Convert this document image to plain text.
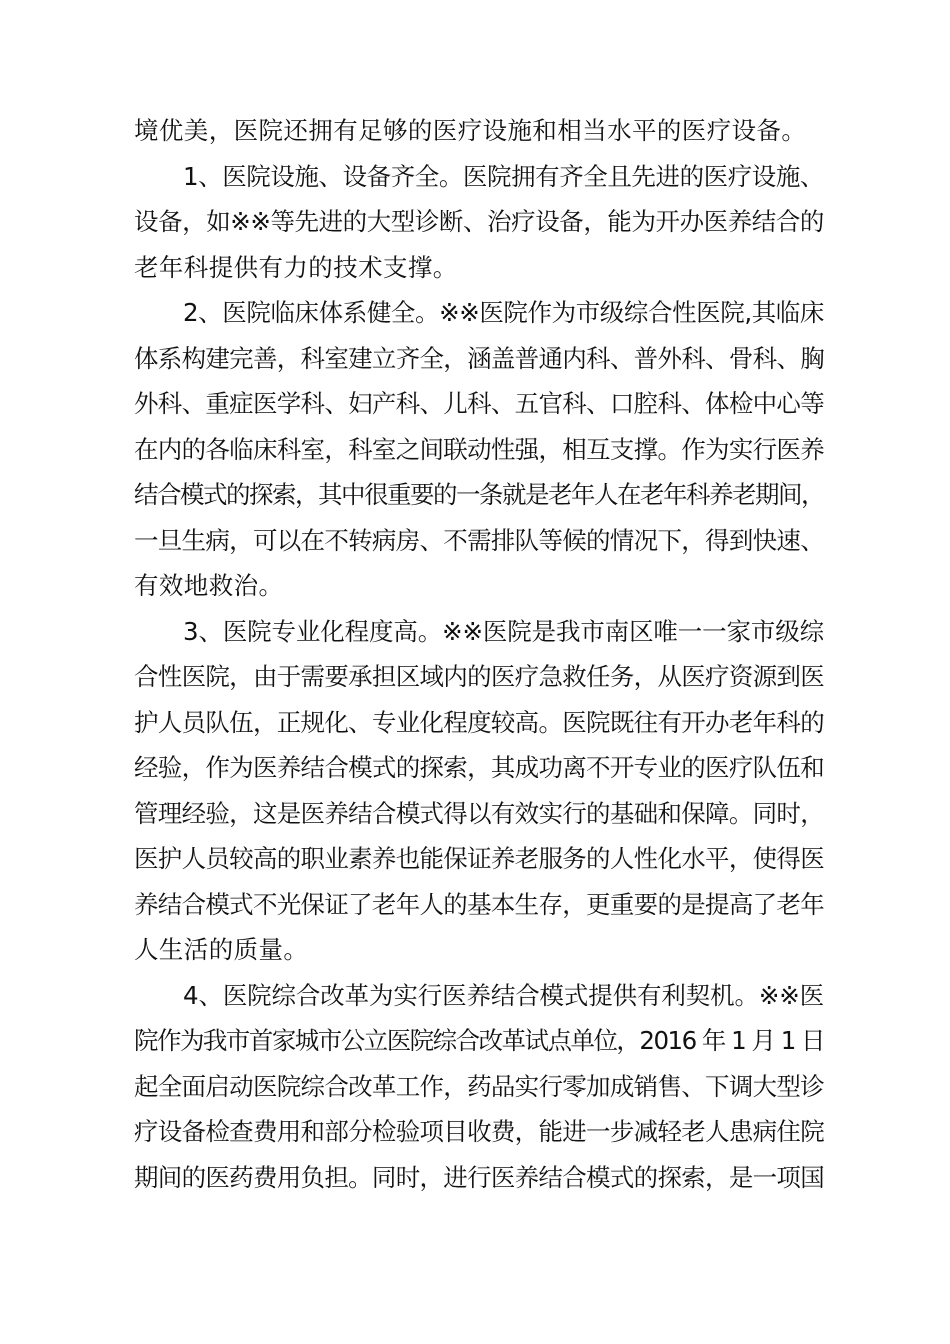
境优美，医院还拥有足够的医疗设施和相当水平的医疗设备。
1、医院设施、设备齐全。医院拥有齐全且先进的医疗设施、
设备，如※※等先进的大型诊断、治疗设备，能为开办医养结合的
老年科提供有力的技术支撑。
2、医院临床体系健全。※※医院作为市级综合性医院,其临床
体系构建完善，科室建立齐全，涵盖普通内科、普外科、骨科、胸
外科、重症医学科、妇产科、儿科、五官科、口腔科、体检中心等
在内的各临床科室，科室之间联动性强，相互支撑。作为实行医养
结合模式的探索，其中很重要的一条就是老年人在老年科养老期间，
一旦生病，可以在不转病房、不需排队等候的情况下，得到快速、
有效地救治。
3、医院专业化程度高。※※医院是我市南区唯一一家市级综
合性医院，由于需要承担区域内的医疗急救任务，从医疗资源到医
护人员队伍，正规化、专业化程度较高。医院既往有开办老年科的
经验，作为医养结合模式的探索，其成功离不开专业的医疗队伍和
管理经验，这是医养结合模式得以有效实行的基础和保障。同时，
医护人员较高的职业素养也能保证养老服务的人性化水平，使得医
养结合模式不光保证了老年人的基本生存，更重要的是提高了老年
人生活的质量。
4、医院综合改革为实行医养结合模式提供有利契机。※※医
院作为我市首家城市公立医院综合改革试点单位，2016 年 1 月 1 日
起全面启动医院综合改革工作，药品实行零加成销售、下调大型诊
疗设备检查费用和部分检验项目收费，能进一步减轻老人患病住院
期间的医药费用负担。同时，进行医养结合模式的探索，是一项国
